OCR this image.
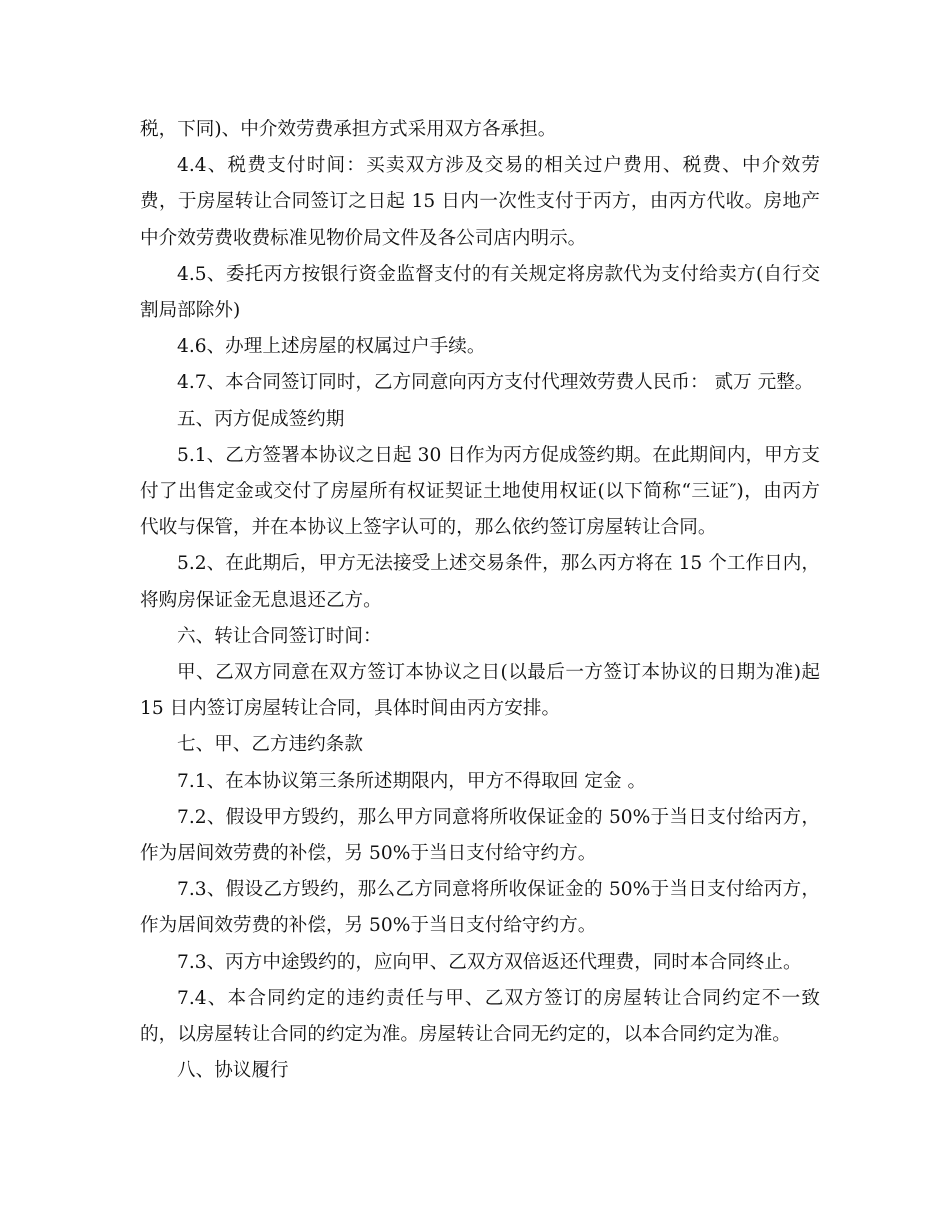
税，下同)、中介效劳费承担方式采用双方各承担。

4.4、税费支付时间：买卖双方涉及交易的相关过户费用、税费、中介效劳费，于房屋转让合同签订之日起 15 日内一次性支付于丙方，由丙方代收。房地产中介效劳费收费标准见物价局文件及各公司店内明示。

4.5、委托丙方按银行资金监督支付的有关规定将房款代为支付给卖方(自行交割局部除外)

4.6、办理上述房屋的权属过户手续。

4.7、本合同签订同时，乙方同意向丙方支付代理效劳费人民币： 贰万 元整。

五、丙方促成签约期

5.1、乙方签署本协议之日起 30 日作为丙方促成签约期。在此期间内，甲方支付了出售定金或交付了房屋所有权证契证土地使用权证(以下简称“三证″)，由丙方代收与保管，并在本协议上签字认可的，那么依约签订房屋转让合同。

5.2、在此期后，甲方无法接受上述交易条件，那么丙方将在 15 个工作日内，将购房保证金无息退还乙方。

六、转让合同签订时间：

甲、乙双方同意在双方签订本协议之日(以最后一方签订本协议的日期为准)起 15 日内签订房屋转让合同，具体时间由丙方安排。

七、甲、乙方违约条款

7.1、在本协议第三条所述期限内，甲方不得取回 定金 。

7.2、假设甲方毁约，那么甲方同意将所收保证金的 50%于当日支付给丙方，作为居间效劳费的补偿，另 50%于当日支付给守约方。

7.3、假设乙方毁约，那么乙方同意将所收保证金的 50%于当日支付给丙方，作为居间效劳费的补偿，另 50%于当日支付给守约方。

7.3、丙方中途毁约的，应向甲、乙双方双倍返还代理费，同时本合同终止。

7.4、本合同约定的违约责任与甲、乙双方签订的房屋转让合同约定不一致的，以房屋转让合同的约定为准。房屋转让合同无约定的，以本合同约定为准。

八、协议履行
